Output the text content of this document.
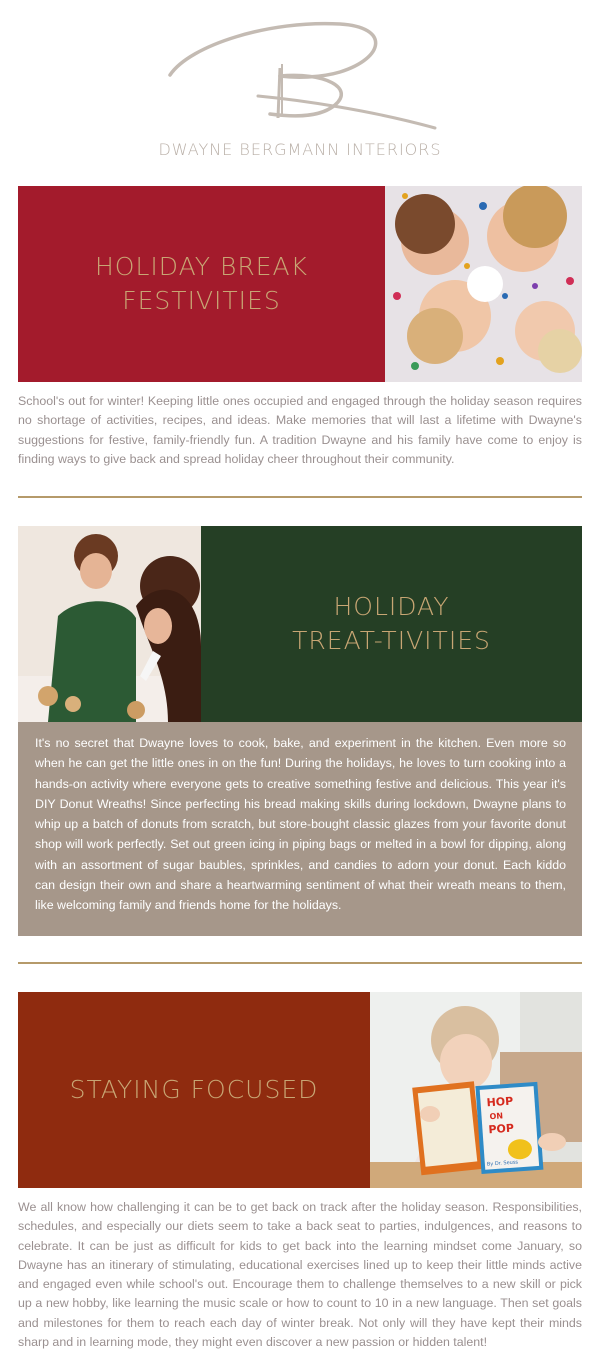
DWAYNE BERGMANN INTERIORS
HOLIDAY BREAK
FESTIVITIES

School's out for winter! Keeping little ones occupied and engaged through the holiday season requires no shortage of activities, recipes, and ideas. Make memories that will last a lifetime with Dwayne's suggestions for festive, family-friendly fun. A tradition Dwayne and his family have come to enjoy is finding ways to give back and spread holiday cheer throughout their community.

HOLIDAY
TREAT-TIVITIES

It's no secret that Dwayne loves to cook, bake, and experiment in the kitchen. Even more so when he can get the little ones in on the fun! During the holidays, he loves to turn cooking into a hands-on activity where everyone gets to creative something festive and delicious. This year it's DIY Donut Wreaths! Since perfecting his bread making skills during lockdown, Dwayne plans to whip up a batch of donuts from scratch, but store-bought classic glazes from your favorite donut shop will work perfectly. Set out green icing in piping bags or melted in a bowl for dipping, along with an assortment of sugar baubles, sprinkles, and candies to adorn your donut. Each kiddo can design their own and share a heartwarming sentiment of what their wreath means to them, like welcoming family and friends home for the holidays.

STAYING FOCUSED	HOP
ON
POP
By Dr. Seuss

We all know how challenging it can be to get back on track after the holiday season. Responsibilities, schedules, and especially our diets seem to take a back seat to parties, indulgences, and reasons to celebrate. It can be just as difficult for kids to get back into the learning mindset come January, so Dwayne has an itinerary of stimulating, educational exercises lined up to keep their little minds active and engaged even while school's out. Encourage them to challenge themselves to a new skill or pick up a new hobby, like learning the music scale or how to count to 10 in a new language. Then set goals and milestones for them to reach each day of winter break. Not only will they have kept their minds sharp and in learning mode, they might even discover a new passion or hidden talent!
